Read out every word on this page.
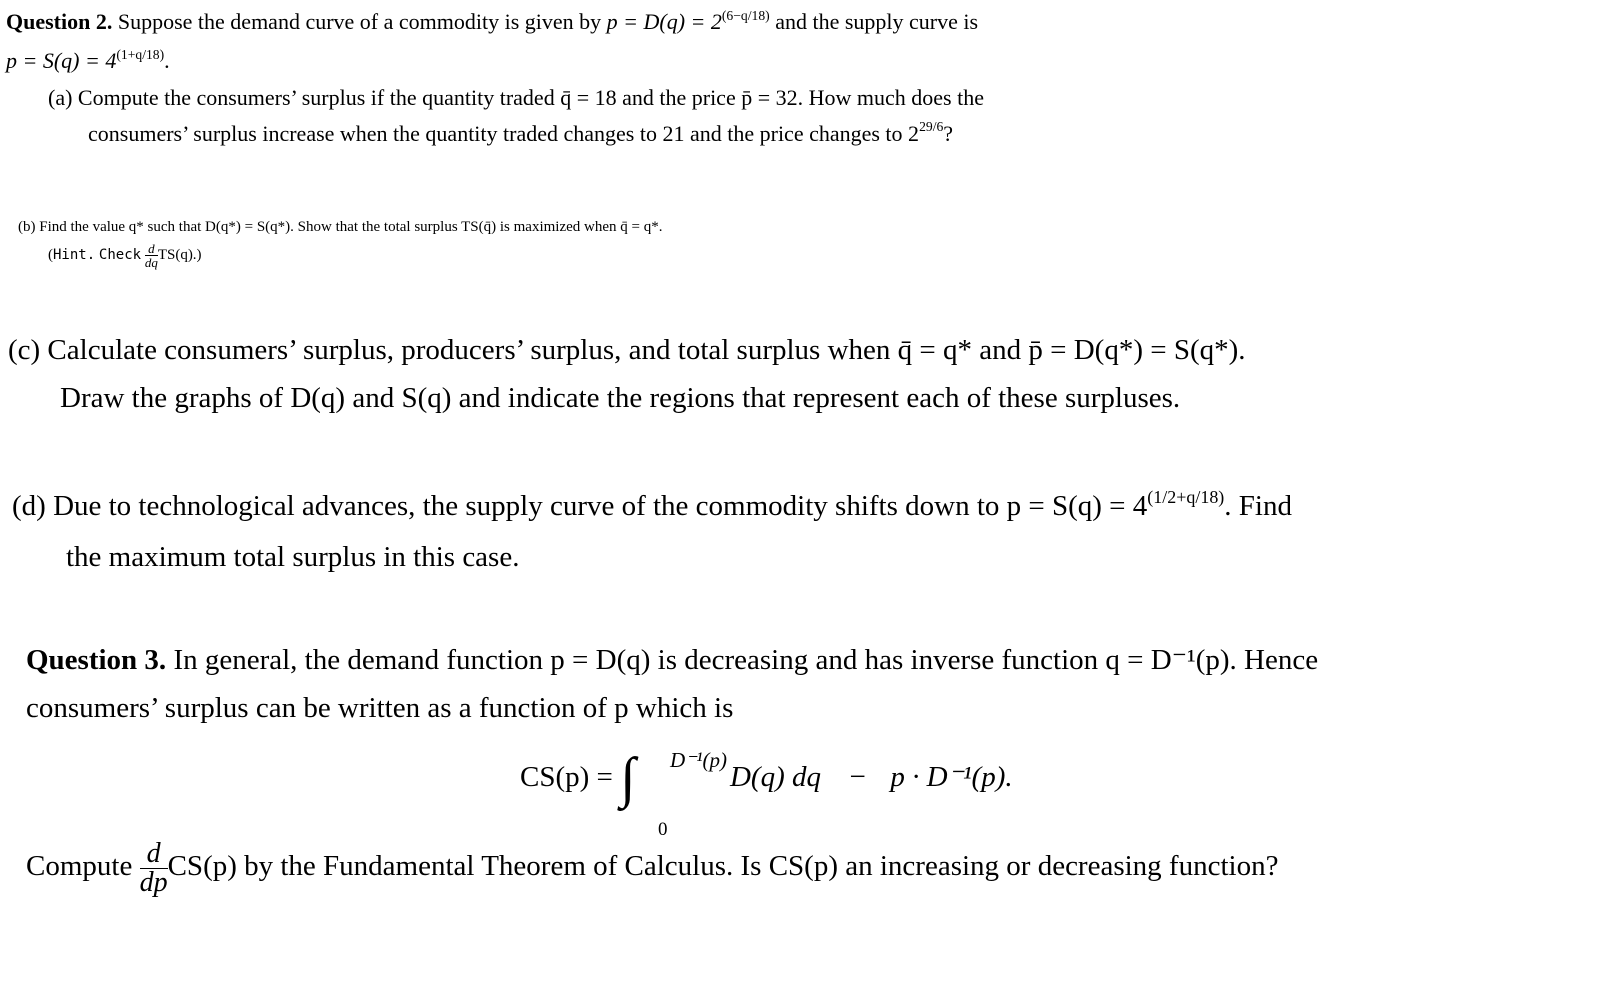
Question 2. Suppose the demand curve of a commodity is given by $p = D(q) = 2^{(6-q/18)}$ and the supply curve is
$p = S(q) = 4^{(1+q/18)}$.
(a) Compute the consumers’ surplus if the quantity traded q̄ = 18 and the price p̄ = 32. How much does the
consumers’ surplus increase when the quantity traded changes to 21 and the price changes to $2^{29/6}$?
(b) Find the value q* such that D(q*) = S(q*). Show that the total surplus TS(q̄) is maximized when q̄ = q*.
(Hint. Check $\frac{d}{dq} TS(q)$.)
(c) Calculate consumers’ surplus, producers’ surplus, and total surplus when q̄ = q* and p̄ = D(q*) = S(q*).
Draw the graphs of D(q) and S(q) and indicate the regions that represent each of these surpluses.
(d) Due to technological advances, the supply curve of the commodity shifts down to $p = S(q) = 4^{(1/2+q/18)}$. Find
the maximum total surplus in this case.
Question 3. In general, the demand function p = D(q) is decreasing and has inverse function q = D⁻¹(p). Hence
consumers’ surplus can be written as a function of p which is
CS(p) = ∫ D⁻¹(p)
0
D(q) dq − p · D⁻¹(p).
Compute $\frac{d}{dp} CS(p)$ by the Fundamental Theorem of Calculus. Is CS(p) an increasing or decreasing function?
